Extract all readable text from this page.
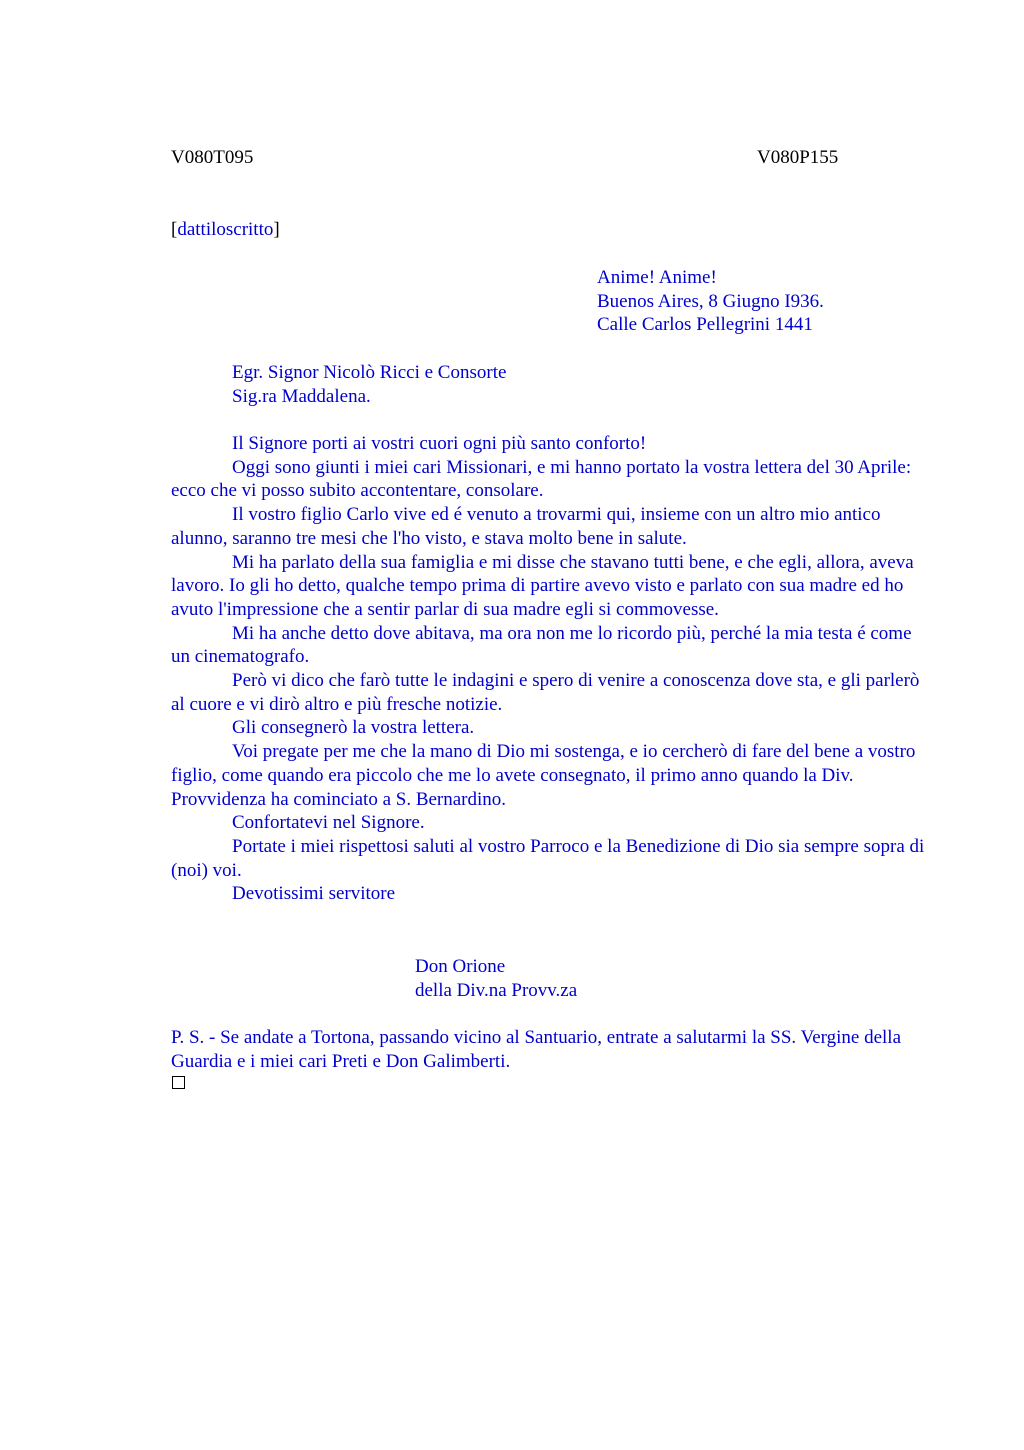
V080T095	V080P155
[dattiloscritto]
Anime! Anime!
Buenos Aires, 8 Giugno I936.
Calle Carlos Pellegrini 1441
Egr. Signor Nicolò Ricci e Consorte
Sig.ra Maddalena.

Il Signore porti ai vostri cuori ogni più santo conforto!

Oggi sono giunti i miei cari Missionari, e mi hanno portato la vostra lettera del 30 Aprile: ecco che vi posso subito accontentare, consolare.

Il vostro figlio Carlo vive ed é venuto a trovarmi qui, insieme con un altro mio antico alunno, saranno tre mesi che l'ho visto, e stava molto bene in salute.

Mi ha parlato della sua famiglia e mi disse che stavano tutti bene, e che egli, allora, aveva lavoro. Io gli ho detto, qualche tempo prima di partire avevo visto e parlato con sua madre ed ho avuto l'impressione che a sentir parlar di sua madre egli si commovesse.

Mi ha anche detto dove abitava, ma ora non me lo ricordo più, perché la mia testa é come un cinematografo.

Però vi dico che farò tutte le indagini e spero di venire a conoscenza dove sta, e gli parlerò al cuore e vi dirò altro e più fresche notizie.

Gli consegnerò la vostra lettera.

Voi pregate per me che la mano di Dio mi sostenga, e io cercherò di fare del bene a vostro figlio, come quando era piccolo che me lo avete consegnato, il primo anno quando la Div. Provvidenza ha cominciato a S. Bernardino.

Confortatevi nel Signore.

Portate i miei rispettosi saluti al vostro Parroco e la Benedizione di Dio sia sempre sopra di (noi) voi.

Devotissimi servitore

Don Orione
della Div.na Provv.za

P. S. - Se andate a Tortona, passando vicino al Santuario, entrate a salutarmi la SS. Vergine della Guardia e i miei cari Preti e Don Galimberti.
